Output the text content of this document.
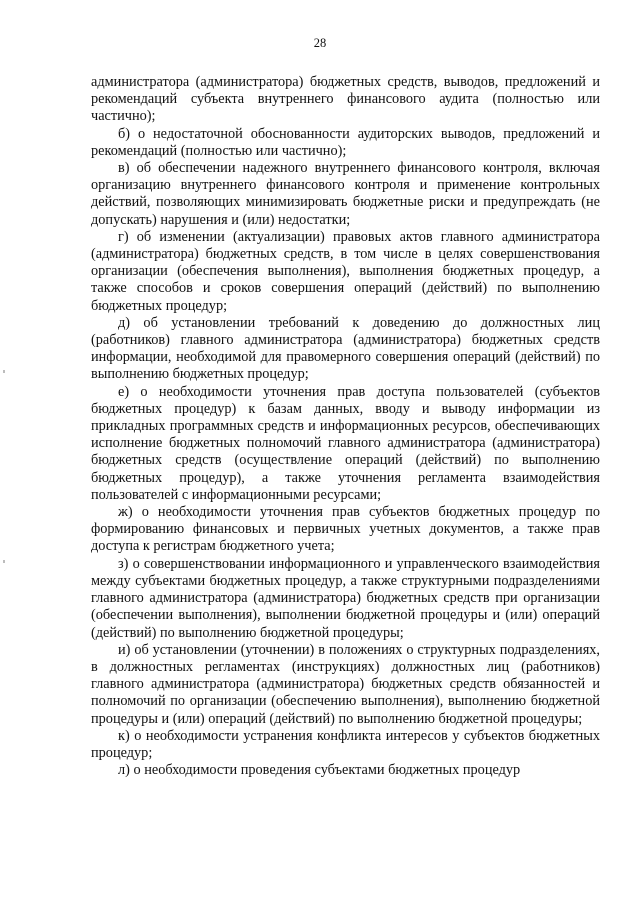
28

администратора (администратора) бюджетных средств, выводов, предложений и рекомендаций субъекта внутреннего финансового аудита (полностью или частично);

б) о недостаточной обоснованности аудиторских выводов, предложений и рекомендаций (полностью или частично);

в) об обеспечении надежного внутреннего финансового контроля, включая организацию внутреннего финансового контроля и применение контрольных действий, позволяющих минимизировать бюджетные риски и предупреждать (не допускать) нарушения и (или) недостатки;

г) об изменении (актуализации) правовых актов главного администратора (администратора) бюджетных средств, в том числе в целях совершенствования организации (обеспечения выполнения), выполнения бюджетных процедур, а также способов и сроков совершения операций (действий) по выполнению бюджетных процедур;

д) об установлении требований к доведению до должностных лиц (работников) главного администратора (администратора) бюджетных средств информации, необходимой для правомерного совершения операций (действий) по выполнению бюджетных процедур;

е) о необходимости уточнения прав доступа пользователей (субъектов бюджетных процедур) к базам данных, вводу и выводу информации из прикладных программных средств и информационных ресурсов, обеспечивающих исполнение бюджетных полномочий главного администратора (администратора) бюджетных средств (осуществление операций (действий) по выполнению бюджетных процедур), а также уточнения регламента взаимодействия пользователей с информационными ресурсами;

ж) о необходимости уточнения прав субъектов бюджетных процедур по формированию финансовых и первичных учетных документов, а также прав доступа к регистрам бюджетного учета;

з) о совершенствовании информационного и управленческого взаимодействия между субъектами бюджетных процедур, а также структурными подразделениями главного администратора (администратора) бюджетных средств при организации (обеспечении выполнения), выполнении бюджетной процедуры и (или) операций (действий) по выполнению бюджетной процедуры;

и) об установлении (уточнении) в положениях о структурных подразделениях, в должностных регламентах (инструкциях) должностных лиц (работников) главного администратора (администратора) бюджетных средств обязанностей и полномочий по организации (обеспечению выполнения), выполнению бюджетной процедуры и (или) операций (действий) по выполнению бюджетной процедуры;

к) о необходимости устранения конфликта интересов у субъектов бюджетных процедур;

л) о необходимости проведения субъектами бюджетных процедур
